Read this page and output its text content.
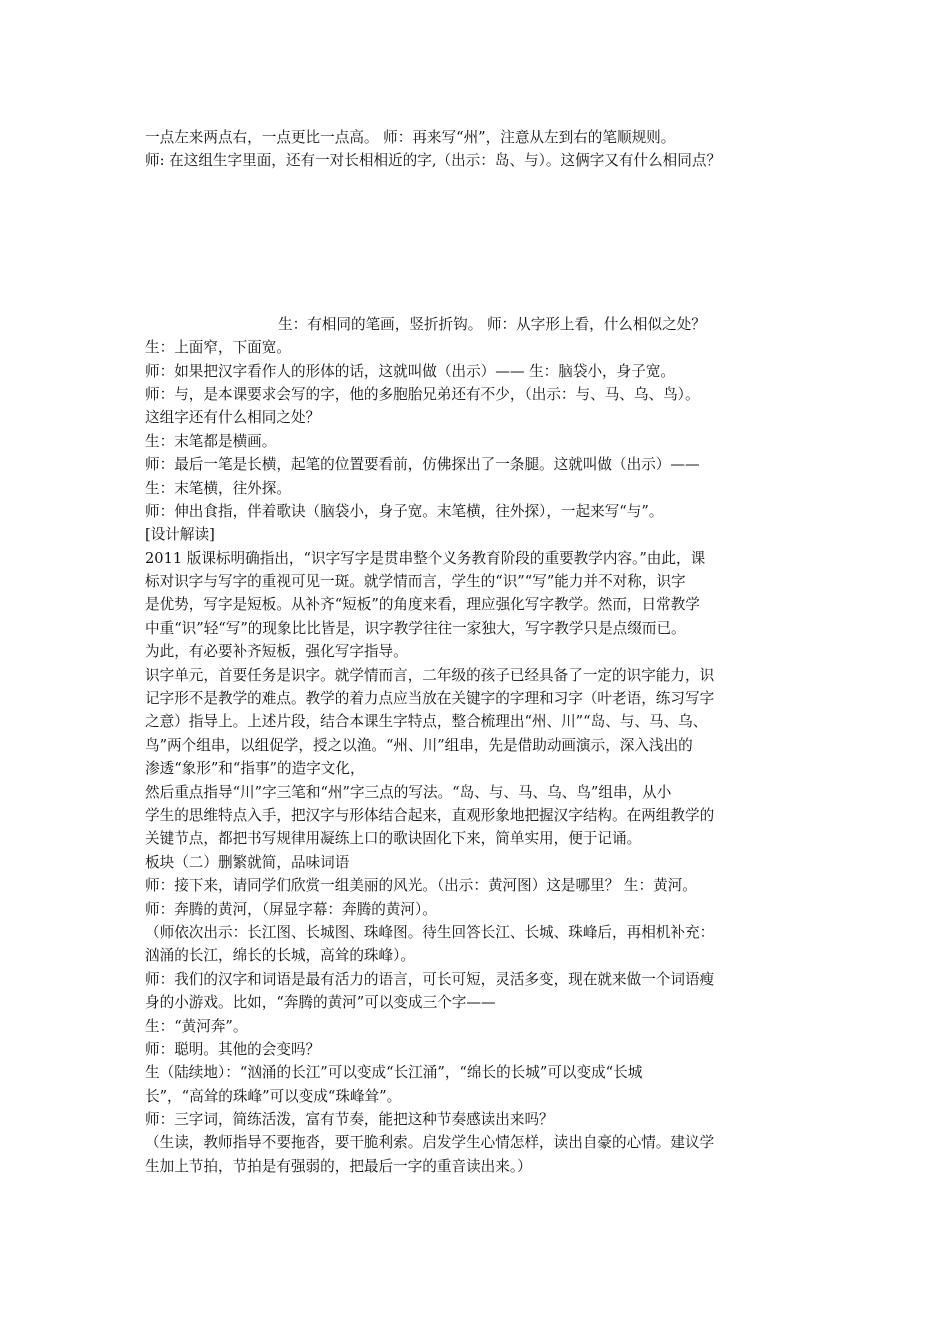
一点左来两点右，一点更比一点高。 师：再来写“州”，注意从左到右的笔顺规则。
师: 在这组生字里面，还有一对长相相近的字,（出示：岛、与）。这俩字又有什么相同点？
生：有相同的笔画，竖折折钩。 师：从字形上看，什么相似之处？
生：上面窄，下面宽。
师：如果把汉字看作人的形体的话，这就叫做（出示）—— 生：脑袋小，身子宽。
师：与，是本课要求会写的字，他的多胞胎兄弟还有不少，（出示：与、马、乌、鸟）。
这组字还有什么相同之处？
生：末笔都是横画。
师：最后一笔是长横，起笔的位置要看前，仿佛探出了一条腿。这就叫做（出示）——
生：末笔横，往外探。
师：伸出食指，伴着歌诀（脑袋小，身子宽。末笔横，往外探），一起来写“与”。
[设计解读]
2011 版课标明确指出，“识字写字是贯串整个义务教育阶段的重要教学内容。”由此，课
标对识字与写字的重视可见一斑。就学情而言，学生的“识”“写”能力并不对称，识字
是优势，写字是短板。从补齐“短板”的角度来看，理应强化写字教学。然而，日常教学
中重“识”轻“写”的现象比比皆是，识字教学往往一家独大，写字教学只是点缀而已。
为此，有必要补齐短板，强化写字指导。
识字单元，首要任务是识字。就学情而言，二年级的孩子已经具备了一定的识字能力，识
记字形不是教学的难点。教学的着力点应当放在关键字的字理和习字（叶老语，练习写字
之意）指导上。上述片段，结合本课生字特点，整合梳理出“州、川”“岛、与、马、乌、
鸟”两个组串，以组促学，授之以渔。“州、川”组串，先是借助动画演示，深入浅出的
渗透“象形”和“指事”的造字文化，
然后重点指导“川”字三笔和“州”字三点的写法。“岛、与、马、乌、鸟”组串，从小
学生的思维特点入手，把汉字与形体结合起来，直观形象地把握汉字结构。在两组教学的
关键节点，都把书写规律用凝练上口的歌诀固化下来，简单实用，便于记诵。
板块（二）删繁就简，品味词语
师：接下来，请同学们欣赏一组美丽的风光。（出示：黄河图）这是哪里？ 生：黄河。
师：奔腾的黄河，（屏显字幕：奔腾的黄河）。
（师依次出示：长江图、长城图、珠峰图。待生回答长江、长城、珠峰后，再相机补充：
汹涌的长江，绵长的长城，高耸的珠峰）。
师：我们的汉字和词语是最有活力的语言，可长可短，灵活多变，现在就来做一个词语瘦
身的小游戏。比如，“奔腾的黄河”可以变成三个字——
生：“黄河奔”。
师：聪明。其他的会变吗？
生（陆续地）：“汹涌的长江”可以变成“长江涌”，“绵长的长城”可以变成“长城
长”，“高耸的珠峰”可以变成“珠峰耸”。
师：三字词，简练活泼，富有节奏，能把这种节奏感读出来吗？
（生读，教师指导不要拖沓，要干脆利索。启发学生心情怎样，读出自豪的心情。建议学
生加上节拍，节拍是有强弱的，把最后一字的重音读出来。）
